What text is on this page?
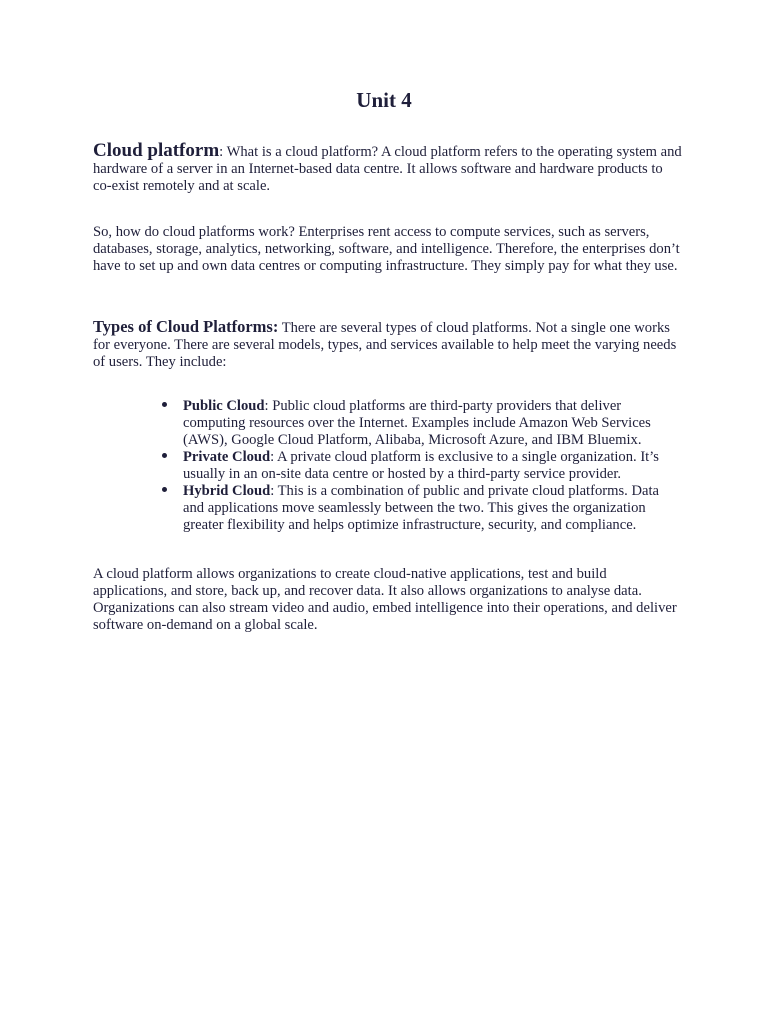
Unit 4

Cloud platform: What is a cloud platform? A cloud platform refers to the operating system and hardware of a server in an Internet-based data centre. It allows software and hardware products to co-exist remotely and at scale.

So, how do cloud platforms work? Enterprises rent access to compute services, such as servers, databases, storage, analytics, networking, software, and intelligence. Therefore, the enterprises don’t have to set up and own data centres or computing infrastructure. They simply pay for what they use.

Types of Cloud Platforms: There are several types of cloud platforms. Not a single one works for everyone. There are several models, types, and services available to help meet the varying needs of users. They include:

Public Cloud: Public cloud platforms are third-party providers that deliver computing resources over the Internet. Examples include Amazon Web Services (AWS), Google Cloud Platform, Alibaba, Microsoft Azure, and IBM Bluemix.
Private Cloud: A private cloud platform is exclusive to a single organization. It’s usually in an on-site data centre or hosted by a third-party service provider.
Hybrid Cloud: This is a combination of public and private cloud platforms. Data and applications move seamlessly between the two. This gives the organization greater flexibility and helps optimize infrastructure, security, and compliance.

A cloud platform allows organizations to create cloud-native applications, test and build applications, and store, back up, and recover data. It also allows organizations to analyse data. Organizations can also stream video and audio, embed intelligence into their operations, and deliver software on-demand on a global scale.
